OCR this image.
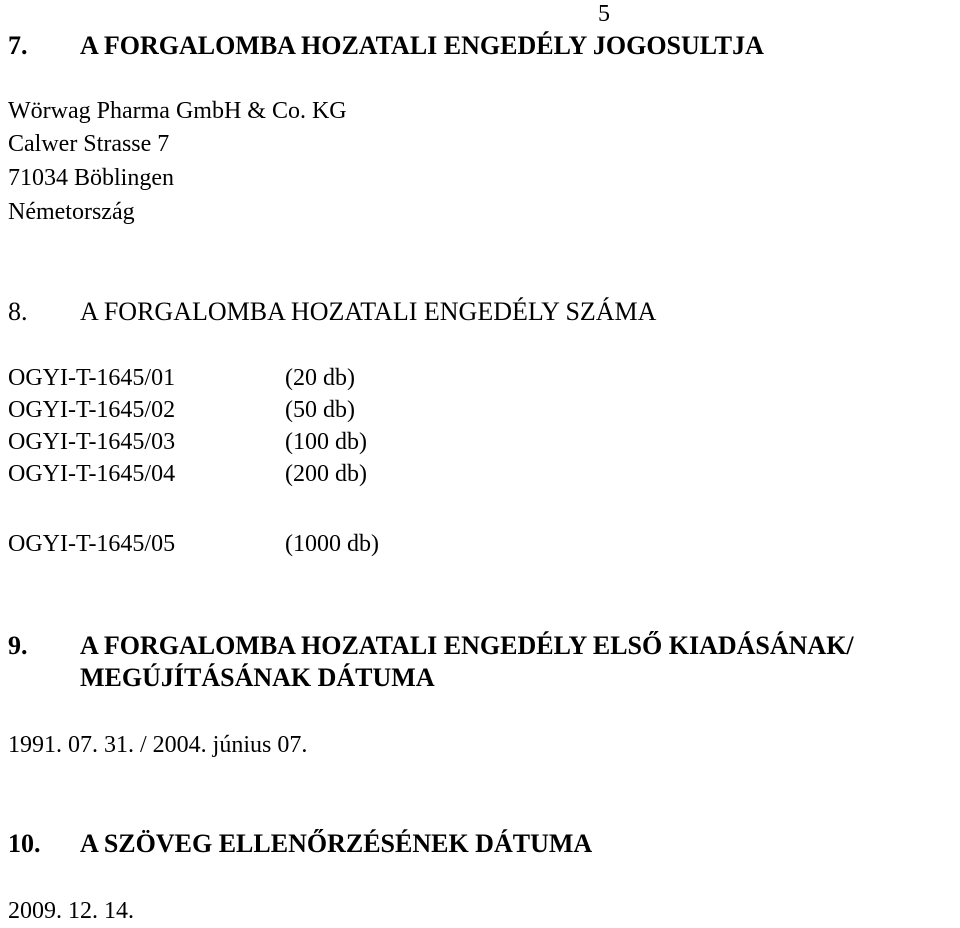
5
7. A FORGALOMBA HOZATALI ENGEDÉLY JOGOSULTJA
Wörwag Pharma GmbH & Co. KG
Calwer Strasse 7
71034 Böblingen
Németország
8. A FORGALOMBA HOZATALI ENGEDÉLY SZÁMA
OGYI-T-1645/01	(20 db)
OGYI-T-1645/02	(50 db)
OGYI-T-1645/03	(100 db)
OGYI-T-1645/04	(200 db)
OGYI-T-1645/05	(1000 db)
9. A FORGALOMBA HOZATALI ENGEDÉLY ELSŐ KIADÁSÁNAK/
MEGÚJÍTÁSÁNAK DÁTUMA
1991. 07. 31. / 2004. június 07.
10. A SZÖVEG ELLENŐRZÉSÉNEK DÁTUMA
2009. 12. 14.
